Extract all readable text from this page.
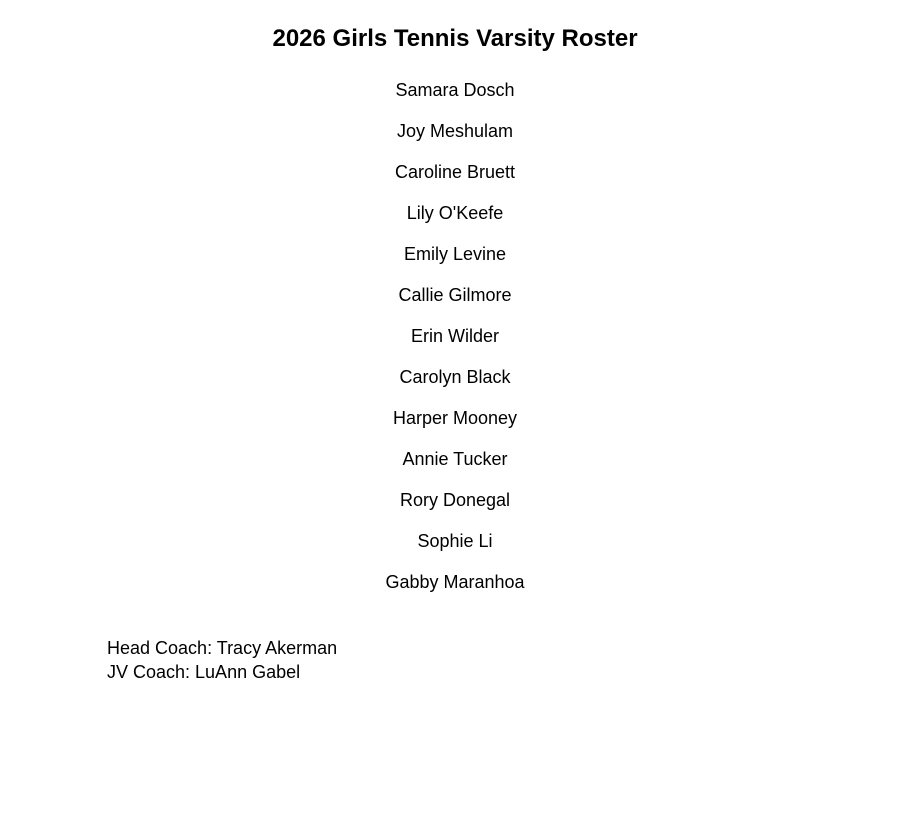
2026 Girls Tennis Varsity Roster
Samara Dosch
Joy Meshulam
Caroline Bruett
Lily O'Keefe
Emily Levine
Callie Gilmore
Erin Wilder
Carolyn Black
Harper Mooney
Annie Tucker
Rory Donegal
Sophie Li
Gabby Maranhoa
Head Coach: Tracy Akerman
JV Coach: LuAnn Gabel
